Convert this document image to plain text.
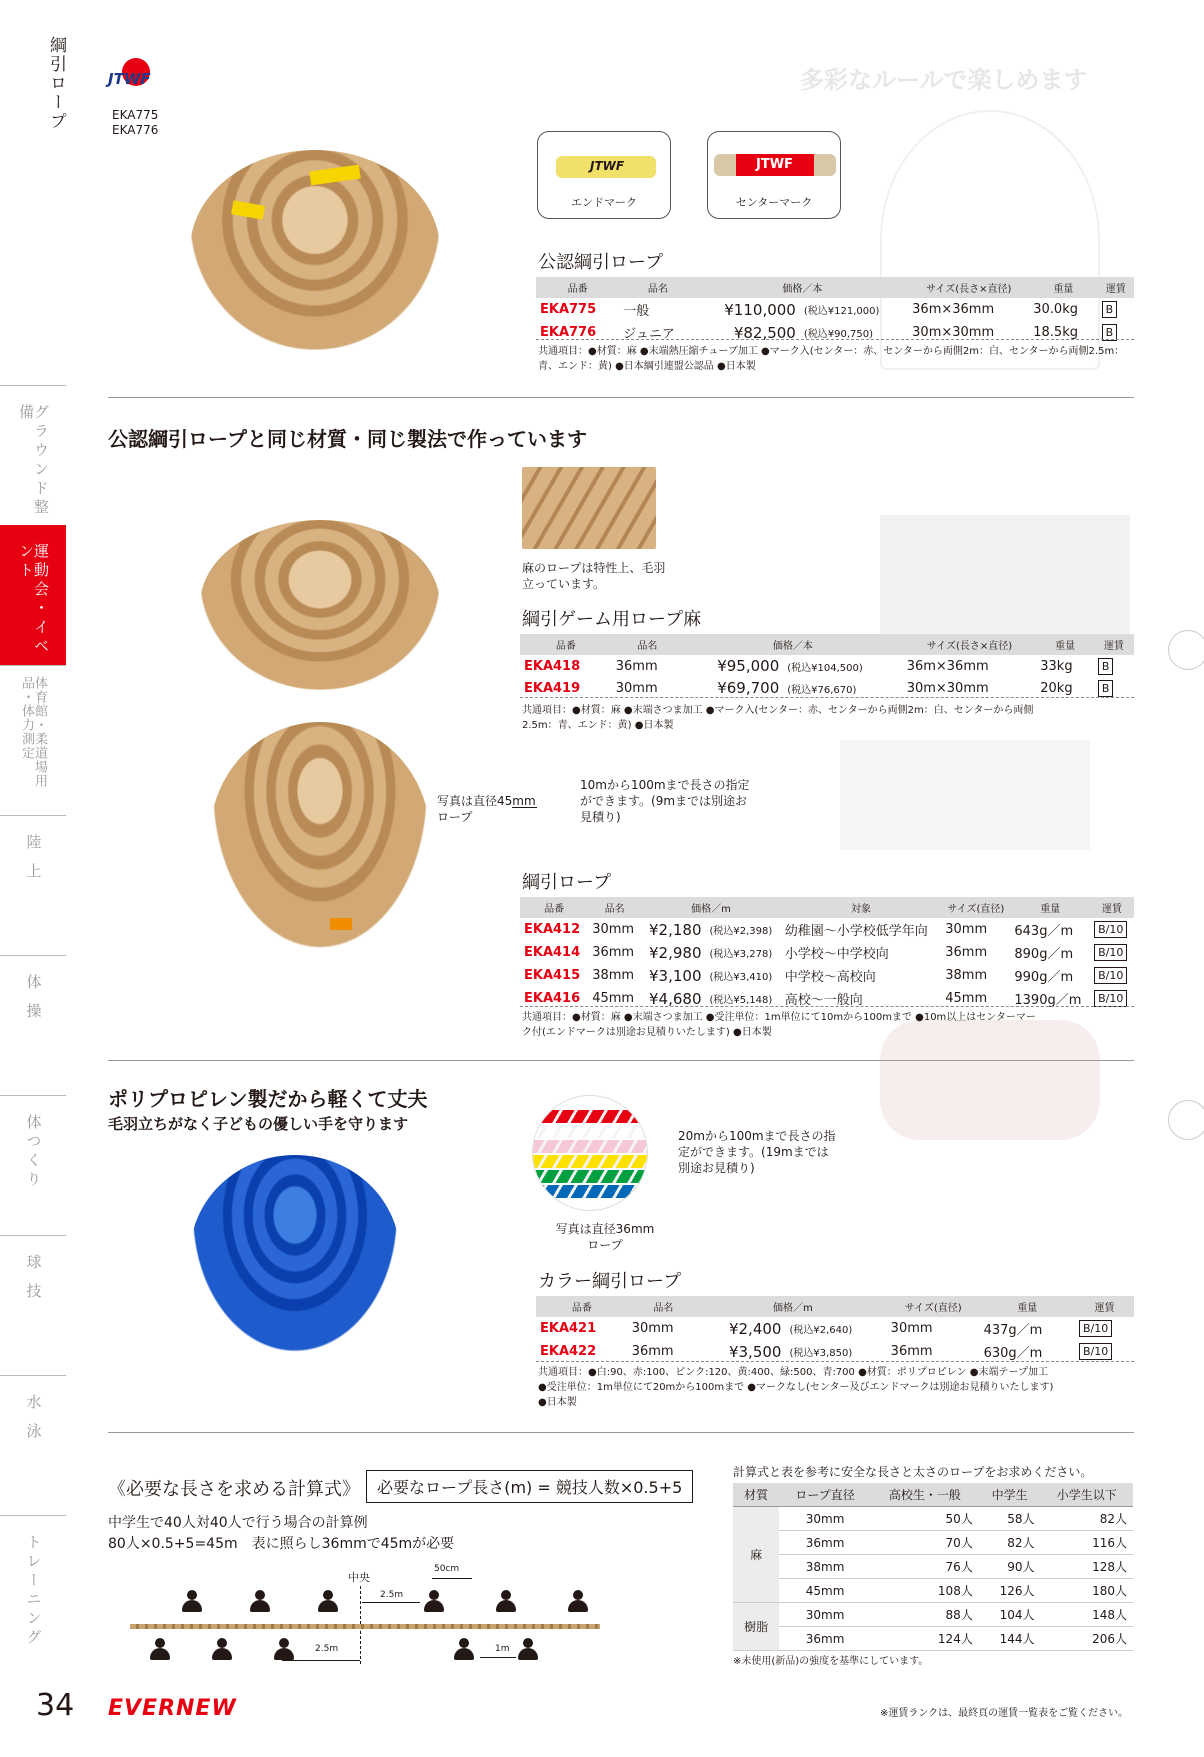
多彩なルールで楽しめます
綱引ロープ
グラウンド整備
運動会・イベント
体育館・柔道場用品・体力測定
陸上
体操
体つくり
球技
水泳
トレーニング
34
JTWF
EKA775
EKA776
JTWF
エンドマーク
JTWF
センターマーク
公認綱引ロープ
品番	品名	価格／本		サイズ(長さ×直径)	重量	運賃
EKA775	一般	¥110,000	(税込¥121,000)	36m×36mm	30.0kg	B
EKA776	ジュニア	¥82,500	(税込¥90,750)	30m×30mm	18.5kg	B
共通項目：●材質：麻 ●末端熱圧縮チューブ加工 ●マーク入(センター：赤、センターから両側2m：白、センターから両側2.5m：青、エンド：黄) ●日本綱引連盟公認品 ●日本製
公認綱引ロープと同じ材質・同じ製法で作っています
麻のロープは特性上、毛羽立っています。
綱引ゲーム用ロープ麻
品番	品名	価格／本		サイズ(長さ×直径)	重量	運賃
EKA418	36mm	¥95,000	(税込¥104,500)	36m×36mm	33kg	B
EKA419	30mm	¥69,700	(税込¥76,670)	30m×30mm	20kg	B
共通項目：●材質：麻 ●末端さつま加工 ●マーク入(センター：赤、センターから両側2m：白、センターから両側2.5m：青、エンド：黄) ●日本製
写真は直径45mmロープ
10mから100mまで長さの指定ができます。(9mまでは別途お見積り)
綱引ロープ
品番	品名	価格／m		対象	サイズ(直径)	重量	運賃
EKA412	30mm	¥2,180	(税込¥2,398)	幼稚園〜小学校低学年向	30mm	643g／m	B/10
EKA414	36mm	¥2,980	(税込¥3,278)	小学校〜中学校向	36mm	890g／m	B/10
EKA415	38mm	¥3,100	(税込¥3,410)	中学校〜高校向	38mm	990g／m	B/10
EKA416	45mm	¥4,680	(税込¥5,148)	高校〜一般向	45mm	1390g／m	B/10
共通項目：●材質：麻 ●末端さつま加工 ●受注単位：1m単位にて10mから100mまで ●10m以上はセンターマーク付(エンドマークは別途お見積りいたします) ●日本製
ポリプロピレン製だから軽くて丈夫
毛羽立ちがなく子どもの優しい手を守ります
20mから100mまで長さの指定ができます。(19mまでは別途お見積り)
写真は直径36mmロープ
カラー綱引ロープ
品番	品名	価格／m		サイズ(直径)	重量	運賃
EKA421	30mm	¥2,400	(税込¥2,640)	30mm	437g／m	B/10
EKA422	36mm	¥3,500	(税込¥3,850)	36mm	630g／m	B/10
共通項目：●白:90、赤:100、ピンク:120、黄:400、緑:500、青:700 ●材質：ポリプロピレン ●末端テープ加工 ●受注単位：1m単位にて20mから100mまで ●マークなし(センター及びエンドマークは別途お見積りいたします) ●日本製
《必要な長さを求める計算式》	必要なロープ長さ(m) = 競技人数×0.5+5
中学生で40人対40人で行う場合の計算例
80人×0.5+5=45m　表に照らし36mmで45mが必要
中央
50cm
2.5m
2.5m	1m
計算式と表を参考に安全な長さと太さのロープをお求めください。
材質	ロープ直径	高校生・一般	中学生	小学生以下
麻	30mm	50人	58人	82人
	36mm	70人	82人	116人
	38mm	76人	90人	128人
	45mm	108人	126人	180人
樹脂	30mm	88人	104人	148人
	36mm	124人	144人	206人
※未使用(新品)の強度を基準にしています。
EVERNEW	※運賃ランクは、最終頁の運賃一覧表をご覧ください。
